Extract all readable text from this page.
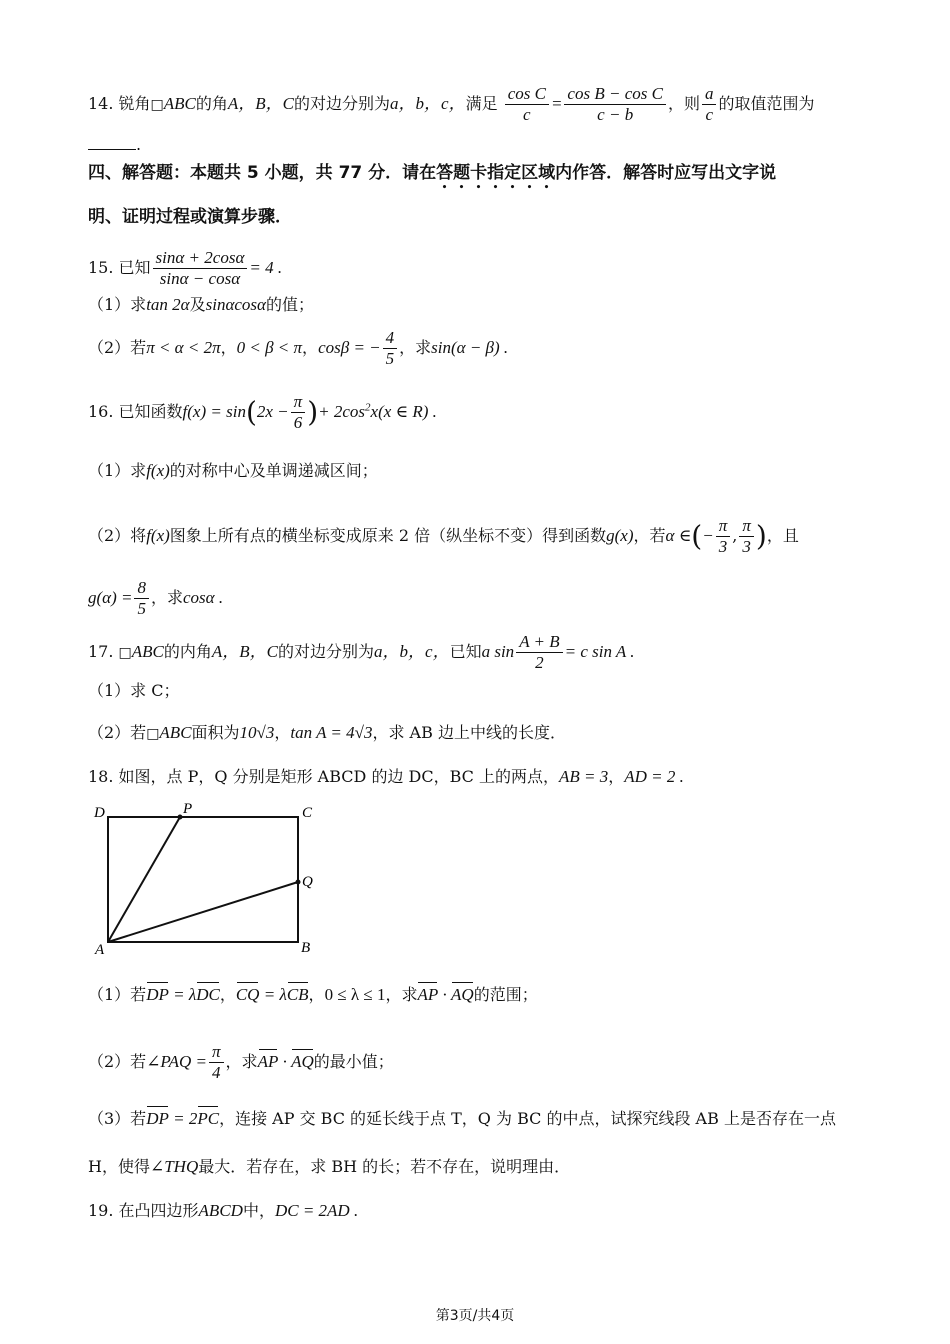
14. 锐角□ABC的角A，B，C的对边分别为a，b，c，满足 $\frac{\text{cos C}}{c} = \frac{\text{cos B − cos C}}{c - b}$ ，则 $\frac{a}{c}$ 的取值范围为
.
四、解答题：本题共 5 小题，共 77 分．请在答题卡指定区域内作答．解答时应写出文字说
明、证明过程或演算步骤．
15. 已知 $\frac{\sin\alpha + 2\cos\alpha}{\sin\alpha - \cos\alpha} = 4$ .
（1）求tan 2α及sinαcosα的值；
（2）若π < α < 2π，0 < β < π，cosβ = − $\frac{4}{5}$ ，求sin(α − β) .
16. 已知函数$f(x) = \sin(2x - \frac{\pi}{6}$ )+ $2\cos^2x(x$ ∈ R) .
（1）求f(x)的对称中心及单调递减区间；
（2）将f(x)图象上所有点的横坐标变成原来 2 倍（纵坐标不变）得到函数g(x)，若α ∈(− $\frac{\pi}{3}$ , $\frac{\pi}{3}$ )，且
$g(\alpha) = \frac{8}{5}$ ，求cosα .
17. □ABC的内角A，B，C的对边分别为a，b，c，已知a $\sin \frac{A + B}{2} = c$ sin A .
（1）求 C；
（2）若□ABC面积为10√3，tan A = 4√3，求 AB 边上中线的长度．
18. 如图，点 P，Q 分别是矩形 ABCD 的边 DC，BC 上的两点，AB = 3，AD = 2 .
D	P	C
Q
A	B
（1）若DP = λDC，CQ = λCB，0 ≤ λ ≤ 1，求AP · AQ的范围；
（2）若∠PAQ = $\frac{\pi}{4}$ ，求AP · AQ的最小值；
（3）若DP = 2PC，连接 AP 交 BC 的延长线于点 T，Q 为 BC 的中点，试探究线段 AB 上是否存在一点
H，使得∠THQ最大．若存在，求 BH 的长；若不存在，说明理由．
19. 在凸四边形ABCD中，DC = 2AD .
第3页/共4页
